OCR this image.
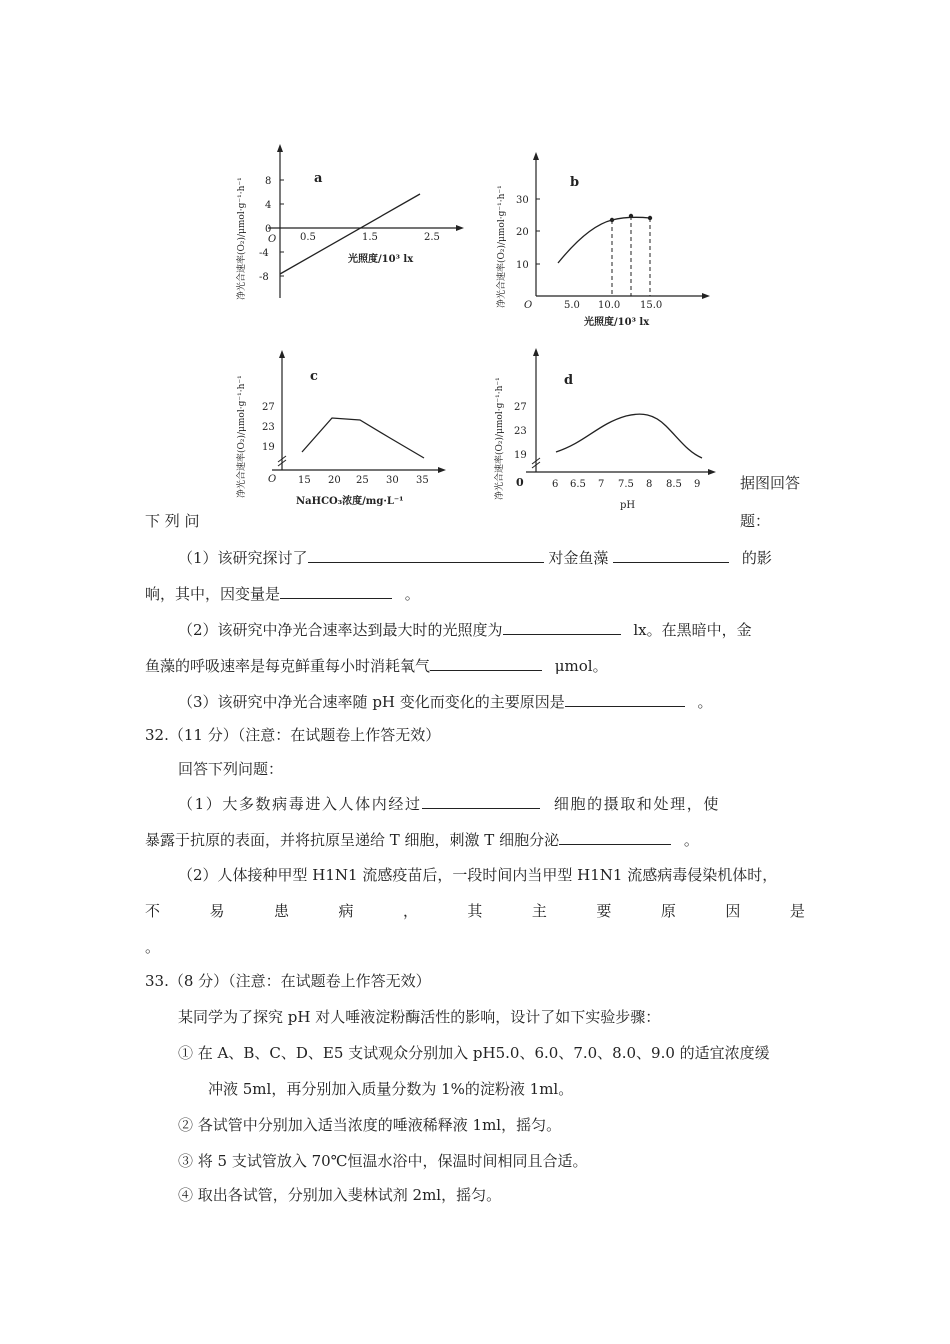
净光合速率(O₂)/μmol·g⁻¹·h⁻¹ 8
4
0
-4
-8
O 0.5	1.5	2.5
a
光照度/10³ lx	净光合速率(O₂)/μmol·g⁻¹·h⁻¹ 30
20
10
O	5.0 10.0 15.0
b
光照度/10³ lx
净光合速率(O₂)/μmol·g⁻¹·h⁻¹ 27
23
19
O 15 20 25 30 35
c
NaHCO₃浓度/mg·L⁻¹
净光合速率(O₂)/μmol·g⁻¹·h⁻¹ 27
23
19
0	6 6.5 7 7.5 8 8.5 9
d
pH
据图回答
下 列 问	题：
（1）该研究探讨了	对金鱼藻	的影
响，其中，因变量是	。
（2）该研究中净光合速率达到最大时的光照度为	lx。在黑暗中，金
鱼藻的呼吸速率是每克鲜重每小时消耗氧气	μmol。
（3）该研究中净光合速率随 pH 变化而变化的主要原因是	。
32.（11 分）（注意：在试题卷上作答无效）
回答下列问题：
（1）大多数病毒进入人体内经过	细胞的摄取和处理，使
暴露于抗原的表面，并将抗原呈递给 T 细胞，刺激 T 细胞分泌	。
（2）人体接种甲型 H1N1 流感疫苗后，一段时间内当甲型 H1N1 流感病毒侵染机体时，
不	易	患	病	，	其	主	要	原	因	是
。
33.（8 分）（注意：在试题卷上作答无效）
某同学为了探究 pH 对人唾液淀粉酶活性的影响，设计了如下实验步骤：
① 在 A、B、C、D、E5 支试观众分别加入 pH5.0、6.0、7.0、8.0、9.0 的适宜浓度缓
冲液 5ml，再分别加入质量分数为 1%的淀粉液 1ml。
② 各试管中分别加入适当浓度的唾液稀释液 1ml，摇匀。
③ 将 5 支试管放入 70℃恒温水浴中，保温时间相同且合适。
④ 取出各试管，分别加入斐林试剂 2ml，摇匀。
